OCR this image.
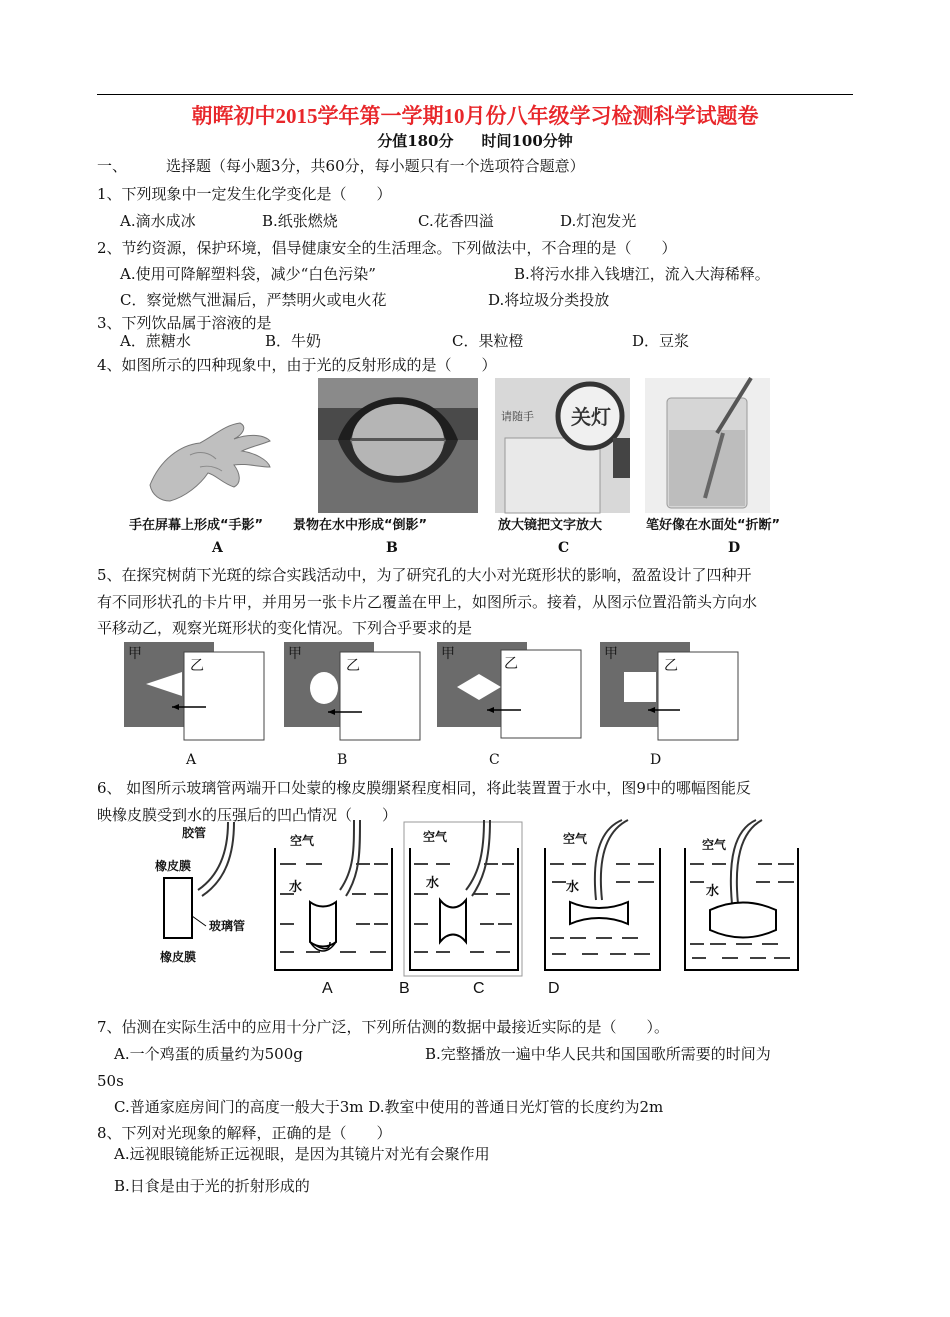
朝晖初中2015学年第一学期10月份八年级学习检测科学试题卷
分值180分 时间100分钟
一、	选择题（每小题3分，共60分，每小题只有一个选项符合题意）
1、下列现象中一定发生化学变化是（　　）
A.滴水成冰	B.纸张燃烧	C.花香四溢	D.灯泡发光
2、节约资源，保护环境，倡导健康安全的生活理念。下列做法中，不合理的是（　　）
A.使用可降解塑料袋，减少“白色污染”	B.将污水排入钱塘江，流入大海稀释。
C．察觉燃气泄漏后，严禁明火或电火花	D.将垃圾分类投放
3、下列饮品属于溶液的是
A．蔗糖水	B．牛奶	C．果粒橙	D．豆浆
4、如图所示的四种现象中，由于光的反射形成的是（　　）
请随手 关灯
手在屏幕上形成“手影” 景物在水中形成“倒影”	放大镜把文字放大	笔好像在水面处“折断”
A	B	C	D
5、在探究树荫下光斑的综合实践活动中，为了研究孔的大小对光斑形状的影响，盈盈设计了四种开
有不同形状孔的卡片甲，并用另一张卡片乙覆盖在甲上，如图所示。接着，从图示位置沿箭头方向水
平移动乙，观察光斑形状的变化情况。下列合乎要求的是
甲
乙
甲
乙
甲
乙
甲
乙
A	B	C	D
6、 如图所示玻璃管两端开口处蒙的橡皮膜绷紧程度相同，将此装置置于水中，图9中的哪幅图能反
映橡皮膜受到水的压强后的凹凸情况（　　）
胶管
橡皮膜
玻璃管
橡皮膜
空气	空气	空气	空气
水	水	水	水
A	B	C	D
7、估测在实际生活中的应用十分广泛，下列所估测的数据中最接近实际的是（　　）。
A.一个鸡蛋的质量约为500g	B.完整播放一遍中华人民共和国国歌所需要的时间为
50s
C.普通家庭房间门的高度一般大于3m D.教室中使用的普通日光灯管的长度约为2m
8、下列对光现象的解释，正确的是（　　）
A.远视眼镜能矫正远视眼，是因为其镜片对光有会聚作用
B.日食是由于光的折射形成的
